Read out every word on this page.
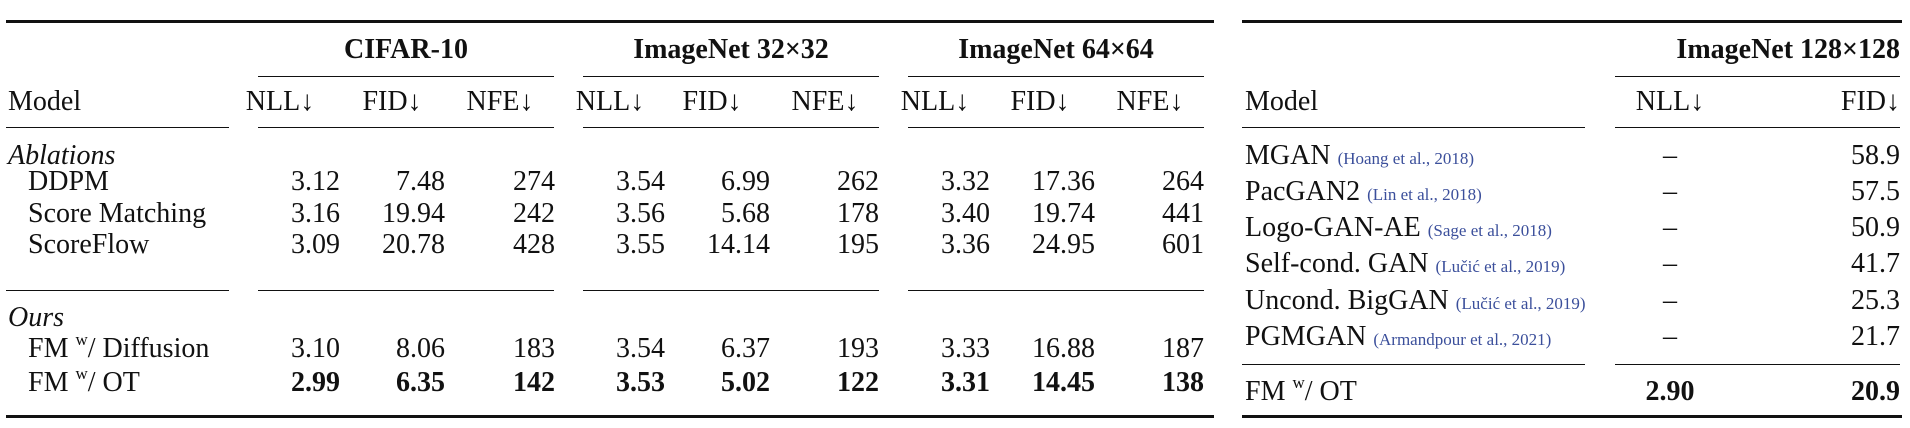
CIFAR-10	ImageNet 32×32	ImageNet 64×64
Model	NLL↓	FID↓	NFE↓	NLL↓	FID↓	NFE↓	NLL↓	FID↓	NFE↓
Ablations
DDPM	3.12	7.48	274	3.54	6.99	262	3.32	17.36	264
Score Matching	3.16	19.94	242	3.56	5.68	178	3.40	19.74	441
ScoreFlow	3.09	20.78	428	3.55	14.14	195	3.36	24.95	601
Ours
FM $^w$/ Diffusion	3.10	8.06	183	3.54	6.37	193	3.33	16.88	187
FM $^w$/ OT	2.99	6.35	142	3.53	5.02	122	3.31	14.45	138
ImageNet 128×128
Model	NLL↓	FID↓
MGAN (Hoang et al., 2018)	–	58.9
PacGAN2 (Lin et al., 2018)	–	57.5
Logo-GAN-AE (Sage et al., 2018)	–	50.9
Self-cond. GAN (Lučić et al., 2019)	–	41.7
Uncond. BigGAN (Lučić et al., 2019)	–	25.3
PGMGAN (Armandpour et al., 2021)	–	21.7
FM $^w$/ OT	2.90	20.9
